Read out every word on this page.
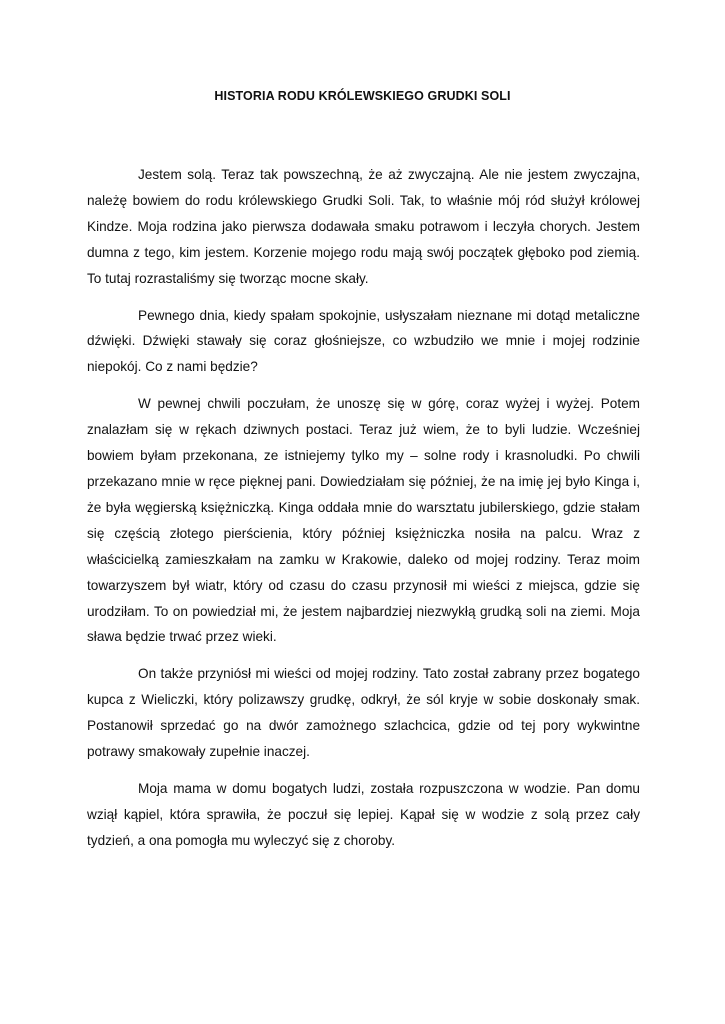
HISTORIA RODU KRÓLEWSKIEGO GRUDKI SOLI

Jestem solą. Teraz tak powszechną, że aż zwyczajną. Ale nie jestem zwyczajna, należę bowiem do rodu królewskiego Grudki Soli. Tak, to właśnie mój ród służył królowej Kindze. Moja rodzina jako pierwsza dodawała smaku potrawom i leczyła chorych. Jestem dumna z tego, kim jestem. Korzenie mojego rodu mają swój początek głęboko pod ziemią. To tutaj rozrastaliśmy się tworząc mocne skały.

Pewnego dnia, kiedy spałam spokojnie, usłyszałam nieznane mi dotąd metaliczne dźwięki. Dźwięki stawały się coraz głośniejsze, co wzbudziło we mnie i mojej rodzinie niepokój. Co z nami będzie?

W pewnej chwili poczułam, że unoszę się w górę, coraz wyżej i wyżej. Potem znalazłam się w rękach dziwnych postaci. Teraz już wiem, że to byli ludzie. Wcześniej bowiem byłam przekonana, ze istniejemy tylko my – solne rody i krasnoludki. Po chwili przekazano mnie w ręce pięknej pani. Dowiedziałam się później, że na imię jej było Kinga i, że była węgierską księżniczką. Kinga oddała mnie do warsztatu jubilerskiego, gdzie stałam się częścią złotego pierścienia, który później księżniczka nosiła na palcu. Wraz z właścicielką zamieszkałam na zamku w Krakowie, daleko od mojej rodziny. Teraz moim towarzyszem był wiatr, który od czasu do czasu przynosił mi wieści z miejsca, gdzie się urodziłam. To on powiedział mi, że jestem najbardziej niezwykłą grudką soli na ziemi. Moja sława będzie trwać przez wieki.

On także przyniósł mi wieści od mojej rodziny. Tato został zabrany przez bogatego kupca z Wieliczki, który polizawszy grudkę, odkrył, że sól kryje w sobie doskonały smak. Postanowił sprzedać go na dwór zamożnego szlachcica, gdzie od tej pory wykwintne potrawy smakowały zupełnie inaczej.

Moja mama w domu bogatych ludzi, została rozpuszczona w wodzie. Pan domu wziął kąpiel, która sprawiła, że poczuł się lepiej. Kąpał się w wodzie z solą przez cały tydzień, a ona pomogła mu wyleczyć się z choroby.
